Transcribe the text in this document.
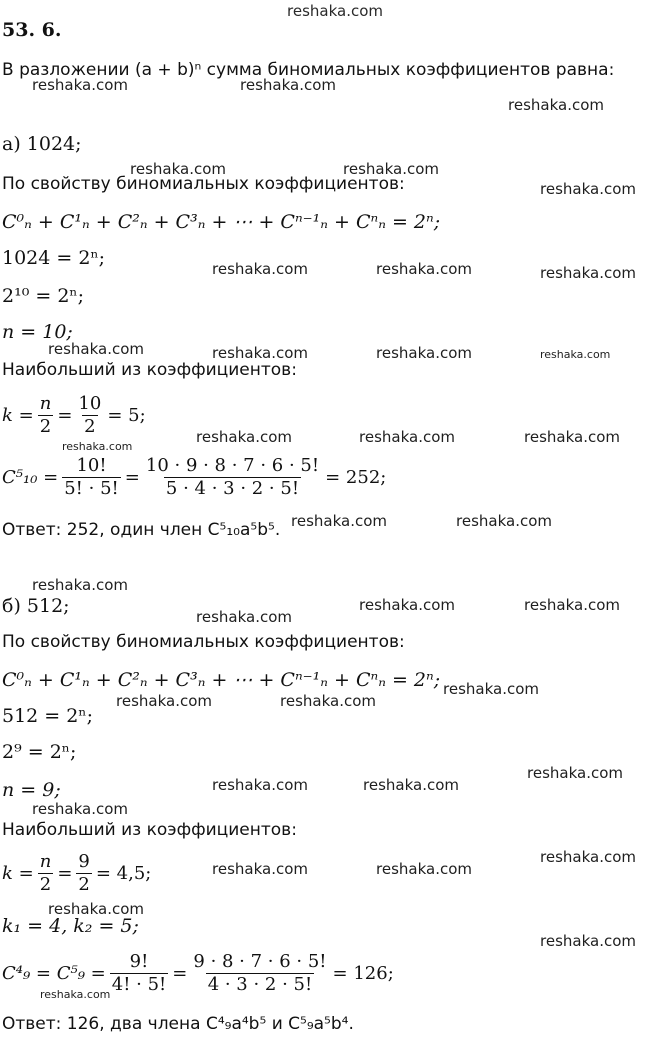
reshaka.com
reshaka.com	reshaka.com
reshaka.com
reshaka.com	reshaka.com
reshaka.com
reshaka.com	reshaka.com	reshaka.com
reshaka.com	reshaka.com	reshaka.com	reshaka.com
reshaka.com	reshaka.com	reshaka.com
reshaka.com
reshaka.com	reshaka.com
reshaka.com
reshaka.com	reshaka.com
reshaka.com
reshaka.com
reshaka.com	reshaka.com
reshaka.com
reshaka.com	reshaka.com
reshaka.com
reshaka.com
reshaka.com	reshaka.com
reshaka.com
reshaka.com
reshaka.com
53. 6.
В разложении (a + b)ⁿ сумма биномиальных коэффициентов равна:
а) 1024;
По свойству биномиальных коэффициентов:
C⁰ₙ + C¹ₙ + C²ₙ + C³ₙ + ⋯ + Cⁿ⁻¹ₙ + Cⁿₙ = 2ⁿ;
1024 = 2ⁿ;
2¹⁰ = 2ⁿ;
n = 10;
Наибольший из коэффициентов:
$k = \frac{n}{2} = \frac{10}{2} = 5$;
$C^5_{10} = \frac{10!}{5! \cdot 5!} = \frac{10 \cdot 9 \cdot 8 \cdot 7 \cdot 6 \cdot 5!}{5 \cdot 4 \cdot 3 \cdot 2 \cdot 5!} = 252$;
Ответ: 252, один член C⁵₁₀a⁵b⁵.
б) 512;
По свойству биномиальных коэффициентов:
C⁰ₙ + C¹ₙ + C²ₙ + C³ₙ + ⋯ + Cⁿ⁻¹ₙ + Cⁿₙ = 2ⁿ;
512 = 2ⁿ;
2⁹ = 2ⁿ;
n = 9;
Наибольший из коэффициентов:
$k = \frac{n}{2} = \frac{9}{2} = 4,5$;
k₁ = 4, k₂ = 5;
$C^4_9 = C^5_9 = \frac{9!}{4! \cdot 5!} = \frac{9 \cdot 8 \cdot 7 \cdot 6 \cdot 5!}{4 \cdot 3 \cdot 2 \cdot 5!} = 126$;
Ответ: 126, два члена C⁴₉a⁴b⁵ и C⁵₉a⁵b⁴.
